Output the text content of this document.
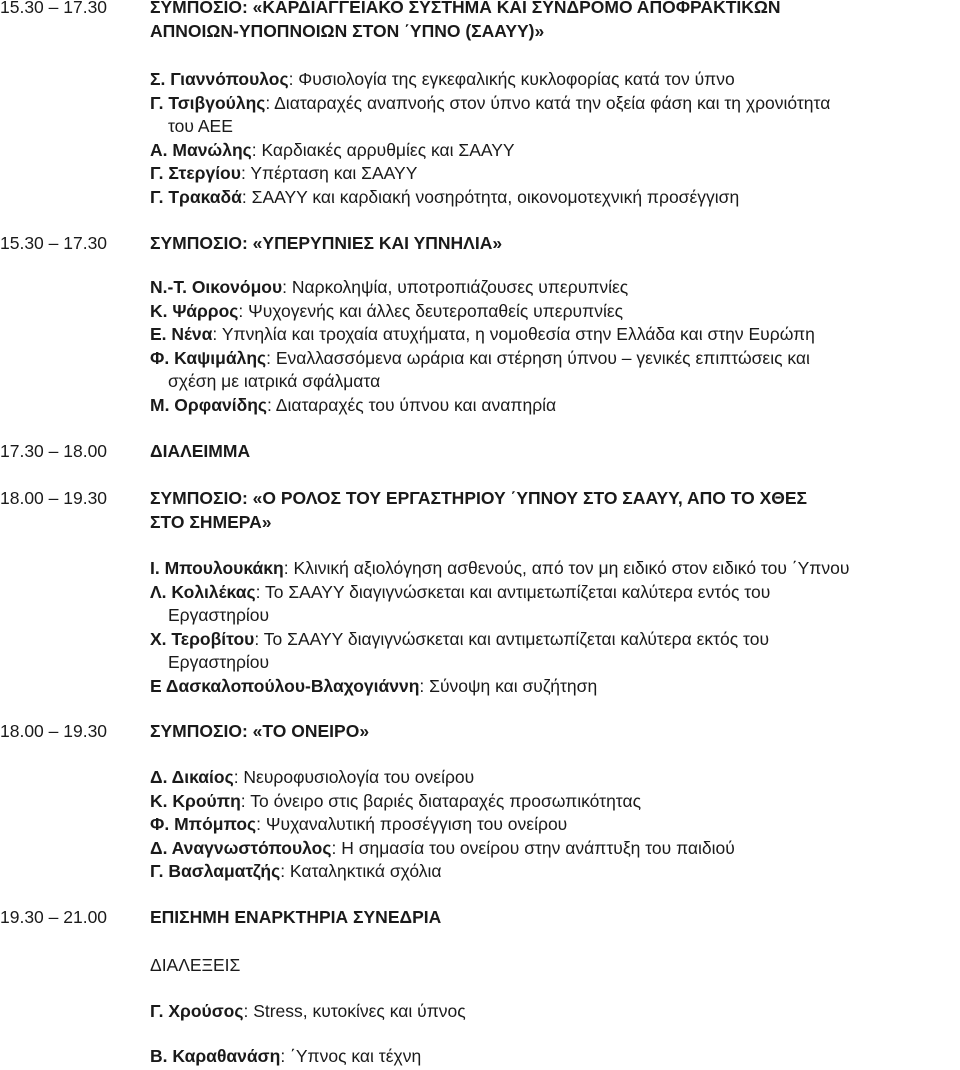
15.30 – 17.30	ΣΥΜΠΟΣΙΟ: «ΚΑΡΔΙΑΓΓΕΙΑΚΟ ΣΥΣΤΗΜΑ ΚΑΙ ΣΥΝΔΡΟΜΟ ΑΠΟΦΡΑΚΤΙΚΩΝ
ΑΠΝΟΙΩΝ-ΥΠΟΠΝΟΙΩΝ ΣΤΟΝ ΄ΥΠΝΟ (ΣΑΑΥΥ)»
Σ. Γιαννόπουλος: Φυσιολογία της εγκεφαλικής κυκλοφορίας κατά τον ύπνο
Γ. Τσιβγούλης: Διαταραχές αναπνοής στον ύπνο κατά την οξεία φάση και τη χρονιότητα
του ΑΕΕ
Α. Μανώλης: Καρδιακές αρρυθμίες και ΣΑΑΥΥ
Γ. Στεργίου: Υπέρταση και ΣΑΑΥΥ
Γ. Τρακαδά: ΣΑΑΥΥ και καρδιακή νοσηρότητα, οικονομοτεχνική προσέγγιση
15.30 – 17.30	ΣΥΜΠΟΣΙΟ: «ΥΠΕΡΥΠΝΙΕΣ ΚΑΙ ΥΠΝΗΛΙΑ»
Ν.-Τ. Οικονόμου: Ναρκοληψία, υποτροπιάζουσες υπερυπνίες
Κ. Ψάρρος: Ψυχογενής και άλλες δευτεροπαθείς υπερυπνίες
Ε. Νένα: Υπνηλία και τροχαία ατυχήματα, η νομοθεσία στην Ελλάδα και στην Ευρώπη
Φ. Καψιμάλης: Εναλλασσόμενα ωράρια και στέρηση ύπνου – γενικές επιπτώσεις και
σχέση με ιατρικά σφάλματα
Μ. Ορφανίδης: Διαταραχές του ύπνου και αναπηρία
17.30 – 18.00	ΔΙΑΛΕΙΜΜΑ
18.00 – 19.30	ΣΥΜΠΟΣΙΟ: «Ο ΡΟΛΟΣ ΤΟΥ ΕΡΓΑΣΤΗΡΙΟΥ ΄ΥΠΝΟΥ ΣΤΟ ΣΑΑΥΥ, ΑΠΟ ΤΟ ΧΘΕΣ
ΣΤΟ ΣΗΜΕΡΑ»
Ι. Μπουλουκάκη: Κλινική αξιολόγηση ασθενούς, από τον μη ειδικό στον ειδικό του ΄Υπνου
Λ. Κολιλέκας: Το ΣΑΑΥΥ διαγιγνώσκεται και αντιμετωπίζεται καλύτερα εντός του
Εργαστηρίου
Χ. Τεροβίτου: Το ΣΑΑΥΥ διαγιγνώσκεται και αντιμετωπίζεται καλύτερα εκτός του
Εργαστηρίου
Ε Δασκαλοπούλου-Βλαχογιάννη: Σύνοψη και συζήτηση
18.00 – 19.30	ΣΥΜΠΟΣΙΟ: «ΤΟ ΟΝΕΙΡΟ»
Δ. Δικαίος: Νευροφυσιολογία του ονείρου
Κ. Κρούπη: Το όνειρο στις βαριές διαταραχές προσωπικότητας
Φ. Μπόμπος: Ψυχαναλυτική προσέγγιση του ονείρου
Δ. Αναγνωστόπουλος: Η σημασία του ονείρου στην ανάπτυξη του παιδιού
Γ. Βασλαματζής: Καταληκτικά σχόλια
19.30 – 21.00	ΕΠΙΣΗΜΗ ΕΝΑΡΚΤΗΡΙΑ ΣΥΝΕΔΡΙΑ
ΔΙΑΛΕΞΕΙΣ
Γ. Χρούσος: Stress, κυτοκίνες και ύπνος
Β. Καραθανάση: ΄Υπνος και τέχνη
